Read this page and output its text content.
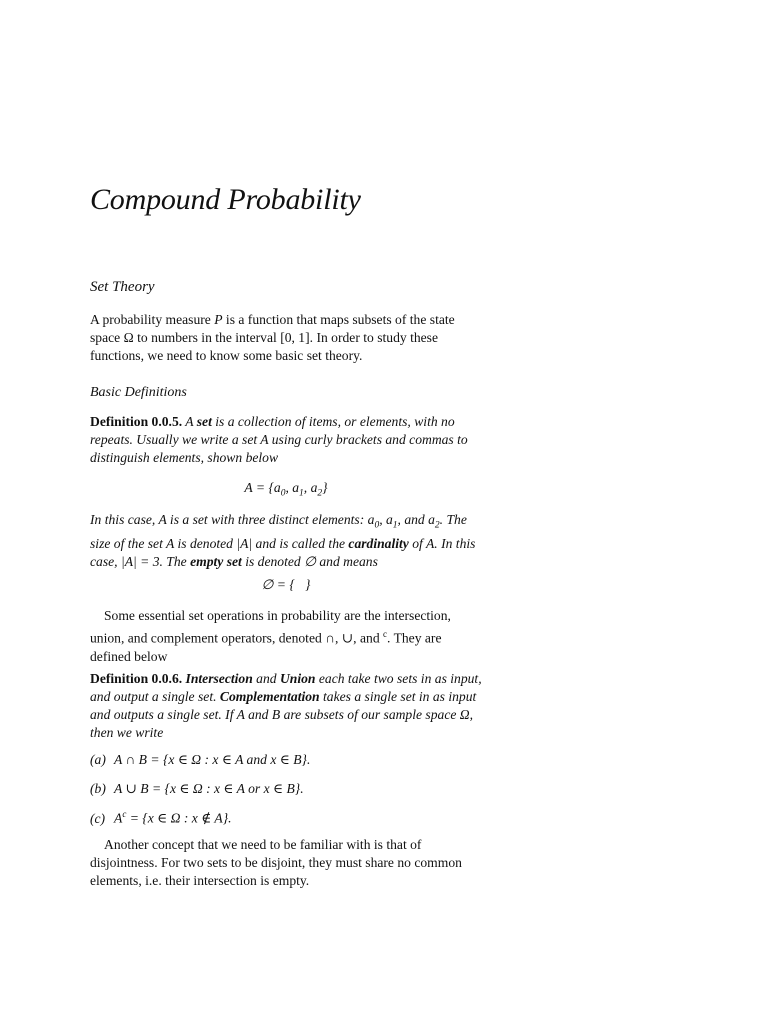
Compound Probability
Set Theory

A probability measure P is a function that maps subsets of the state space Ω to numbers in the interval [0, 1]. In order to study these functions, we need to know some basic set theory.

Basic Definitions

Definition 0.0.5. A set is a collection of items, or elements, with no repeats. Usually we write a set A using curly brackets and commas to distinguish elements, shown below

$A = \{a_0$, $a_1$, $a_2$}

In this case, A is a set with three distinct elements: $a_0$, $a_1$, and $a_2$. The size of the set A is denoted |A| and is called the cardinality of A. In this case, |A| = 3. The empty set is denoted ∅ and means

∅ = {   }

Some essential set operations in probability are the intersection, union, and complement operators, denoted ∩, ∪, and $^c$. They are defined below

Definition 0.0.6. Intersection and Union each take two sets in as input, and output a single set. Complementation takes a single set in as input and outputs a single set. If A and B are subsets of our sample space Ω, then we write

(a) A ∩ B = {x ∈ Ω : x ∈ A and x ∈ B}.

(b) A ∪ B = {x ∈ Ω : x ∈ A or x ∈ B}.

(c) $A^c = \{x$ ∈ Ω : x ∉ A}.

Another concept that we need to be familiar with is that of disjointness. For two sets to be disjoint, they must share no common elements, i.e. their intersection is empty.
